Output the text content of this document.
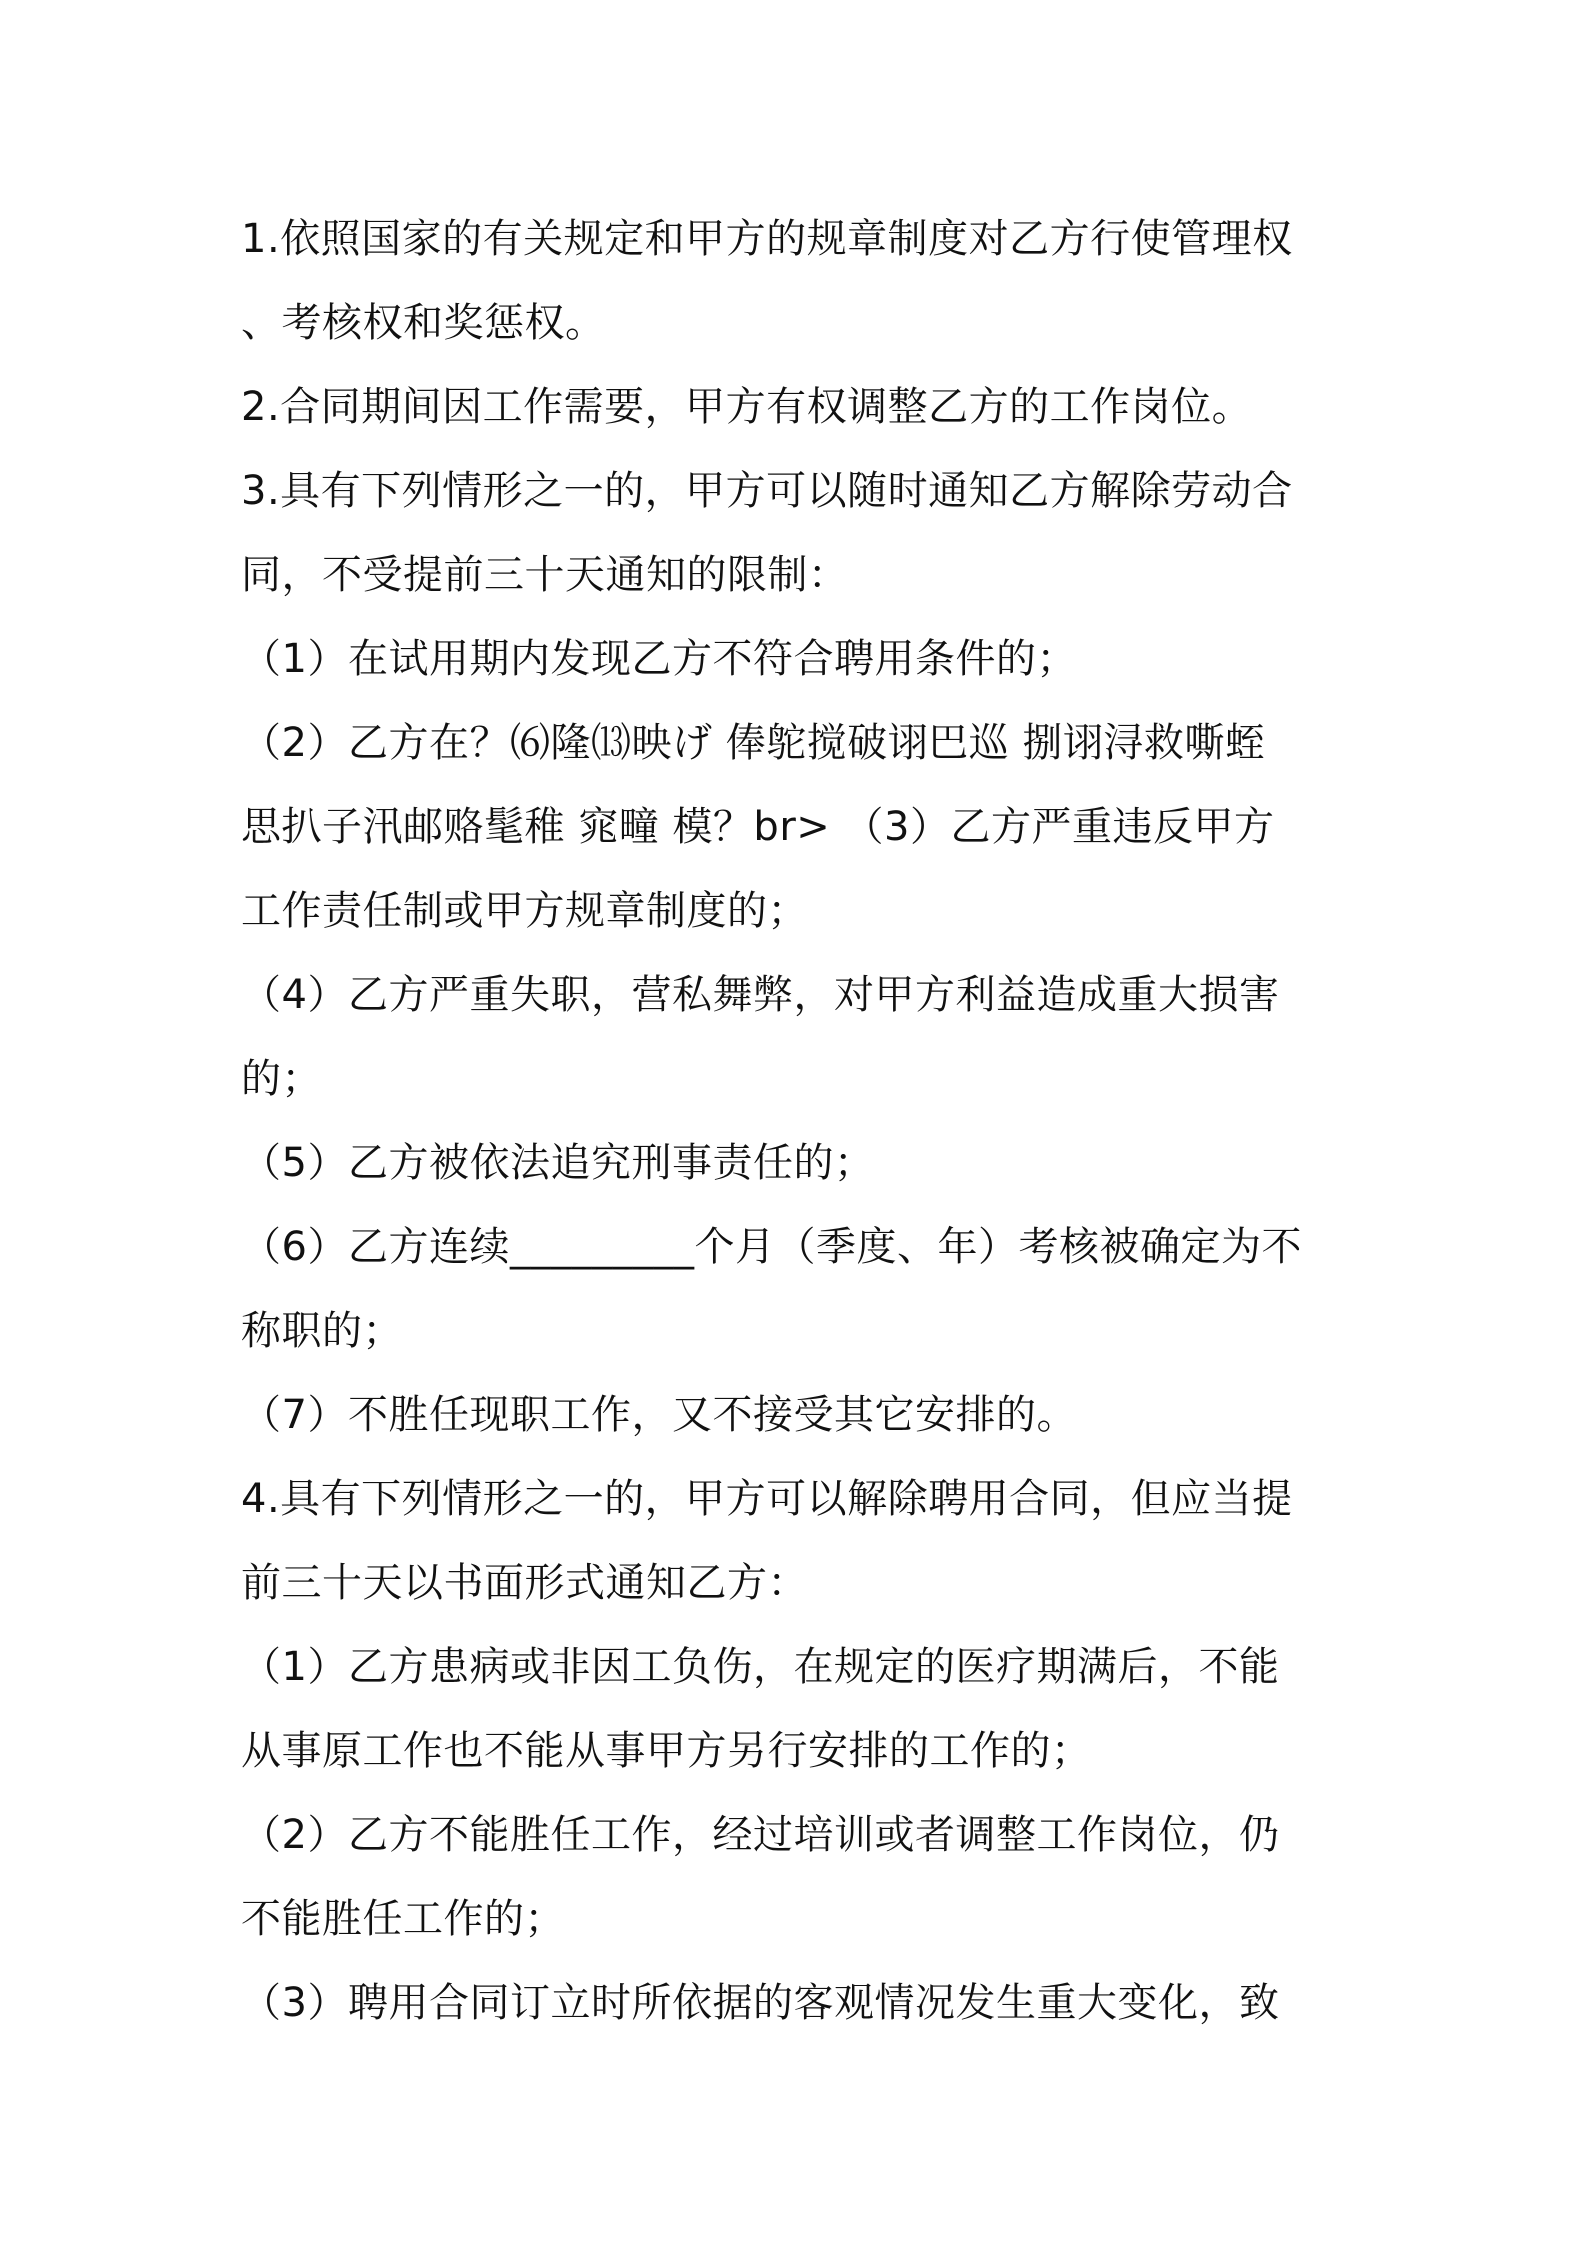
1.依照国家的有关规定和甲方的规章制度对乙方行使管理权
、考核权和奖惩权。
2.合同期间因工作需要，甲方有权调整乙方的工作岗位。
3.具有下列情形之一的，甲方可以随时通知乙方解除劳动合
同，不受提前三十天通知的限制：
（1）在试用期内发现乙方不符合聘用条件的；
（2）乙方在？⑹隆⒀映げ 俸鸵搅破诩巴巡 捌诩浔救嘶蛭
思扒子汛邮赂髦稚 窕疃 模？br> （3）乙方严重违反甲方
工作责任制或甲方规章制度的；
（4）乙方严重失职，营私舞弊，对甲方利益造成重大损害
的；
（5）乙方被依法追究刑事责任的；
（6）乙方连续_________个月（季度、年）考核被确定为不
称职的；
（7）不胜任现职工作，又不接受其它安排的。
4.具有下列情形之一的，甲方可以解除聘用合同，但应当提
前三十天以书面形式通知乙方：
（1）乙方患病或非因工负伤，在规定的医疗期满后，不能
从事原工作也不能从事甲方另行安排的工作的；
（2）乙方不能胜任工作，经过培训或者调整工作岗位，仍
不能胜任工作的；
（3）聘用合同订立时所依据的客观情况发生重大变化，致
